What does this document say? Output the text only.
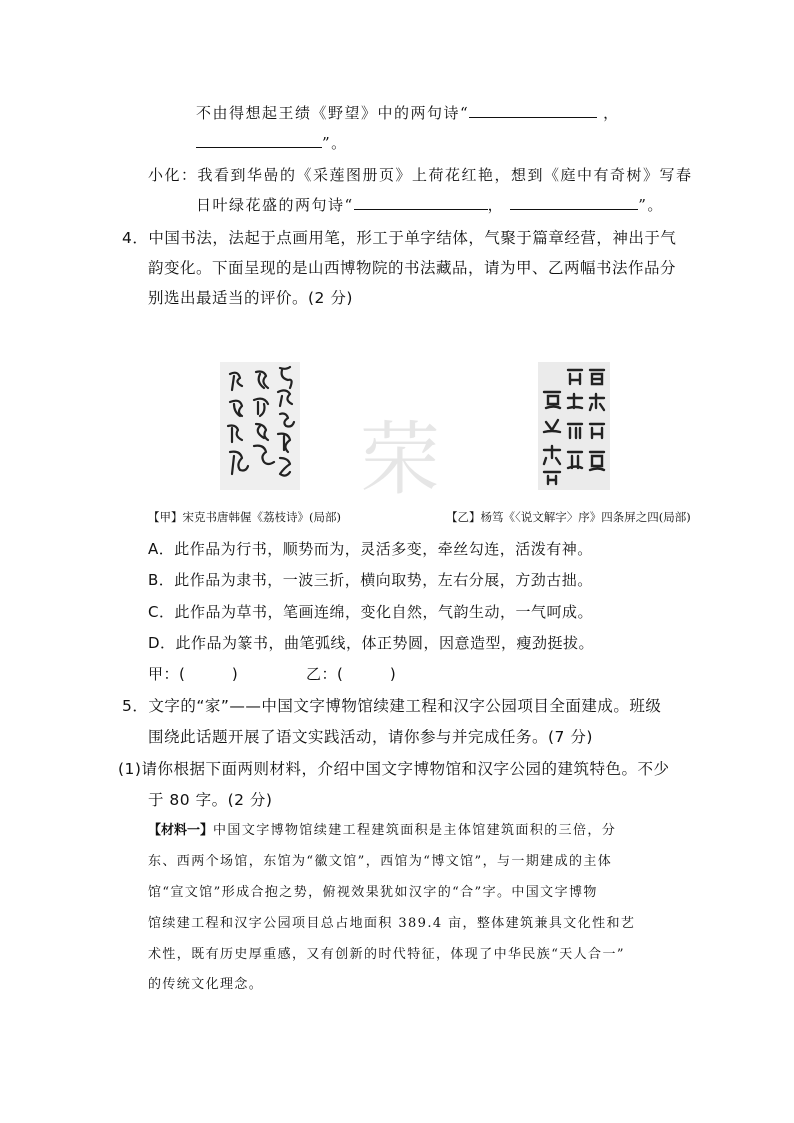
荣
不由得想起王绩《野望》中的两句诗“	，
”。
小化：我看到华喦的《采莲图册页》上荷花红艳，想到《庭中有奇树》写春
日叶绿花盛的两句诗“	，	”。
4．中国书法，法起于点画用笔，形工于单字结体，气聚于篇章经营，神出于气
韵变化。下面呈现的是山西博物院的书法藏品，请为甲、乙两幅书法作品分
别选出最适当的评价。(2 分)
【甲】宋克书唐韩偓《荔枝诗》(局部)	【乙】杨笃《〈说文解字〉序》四条屏之四(局部)
A．此作品为行书，顺势而为，灵活多变，牵丝勾连，活泼有神。
B．此作品为隶书，一波三折，横向取势，左右分展，方劲古拙。
C．此作品为草书，笔画连绵，变化自然，气韵生动，一气呵成。
D．此作品为篆书，曲笔弧线，体正势圆，因意造型，瘦劲挺拔。
甲：(　　　)	乙：(　　　)
5．文字的“家”——中国文字博物馆续建工程和汉字公园项目全面建成。班级
围绕此话题开展了语文实践活动，请你参与并完成任务。(7 分)
(1)请你根据下面两则材料，介绍中国文字博物馆和汉字公园的建筑特色。不少
于 80 字。(2 分)
【材料一】中国文字博物馆续建工程建筑面积是主体馆建筑面积的三倍，分
东、西两个场馆，东馆为“徽文馆”，西馆为“博文馆”，与一期建成的主体
馆“宣文馆”形成合抱之势，俯视效果犹如汉字的“合”字。中国文字博物
馆续建工程和汉字公园项目总占地面积 389.4 亩，整体建筑兼具文化性和艺
术性，既有历史厚重感，又有创新的时代特征，体现了中华民族“天人合一”
的传统文化理念。
